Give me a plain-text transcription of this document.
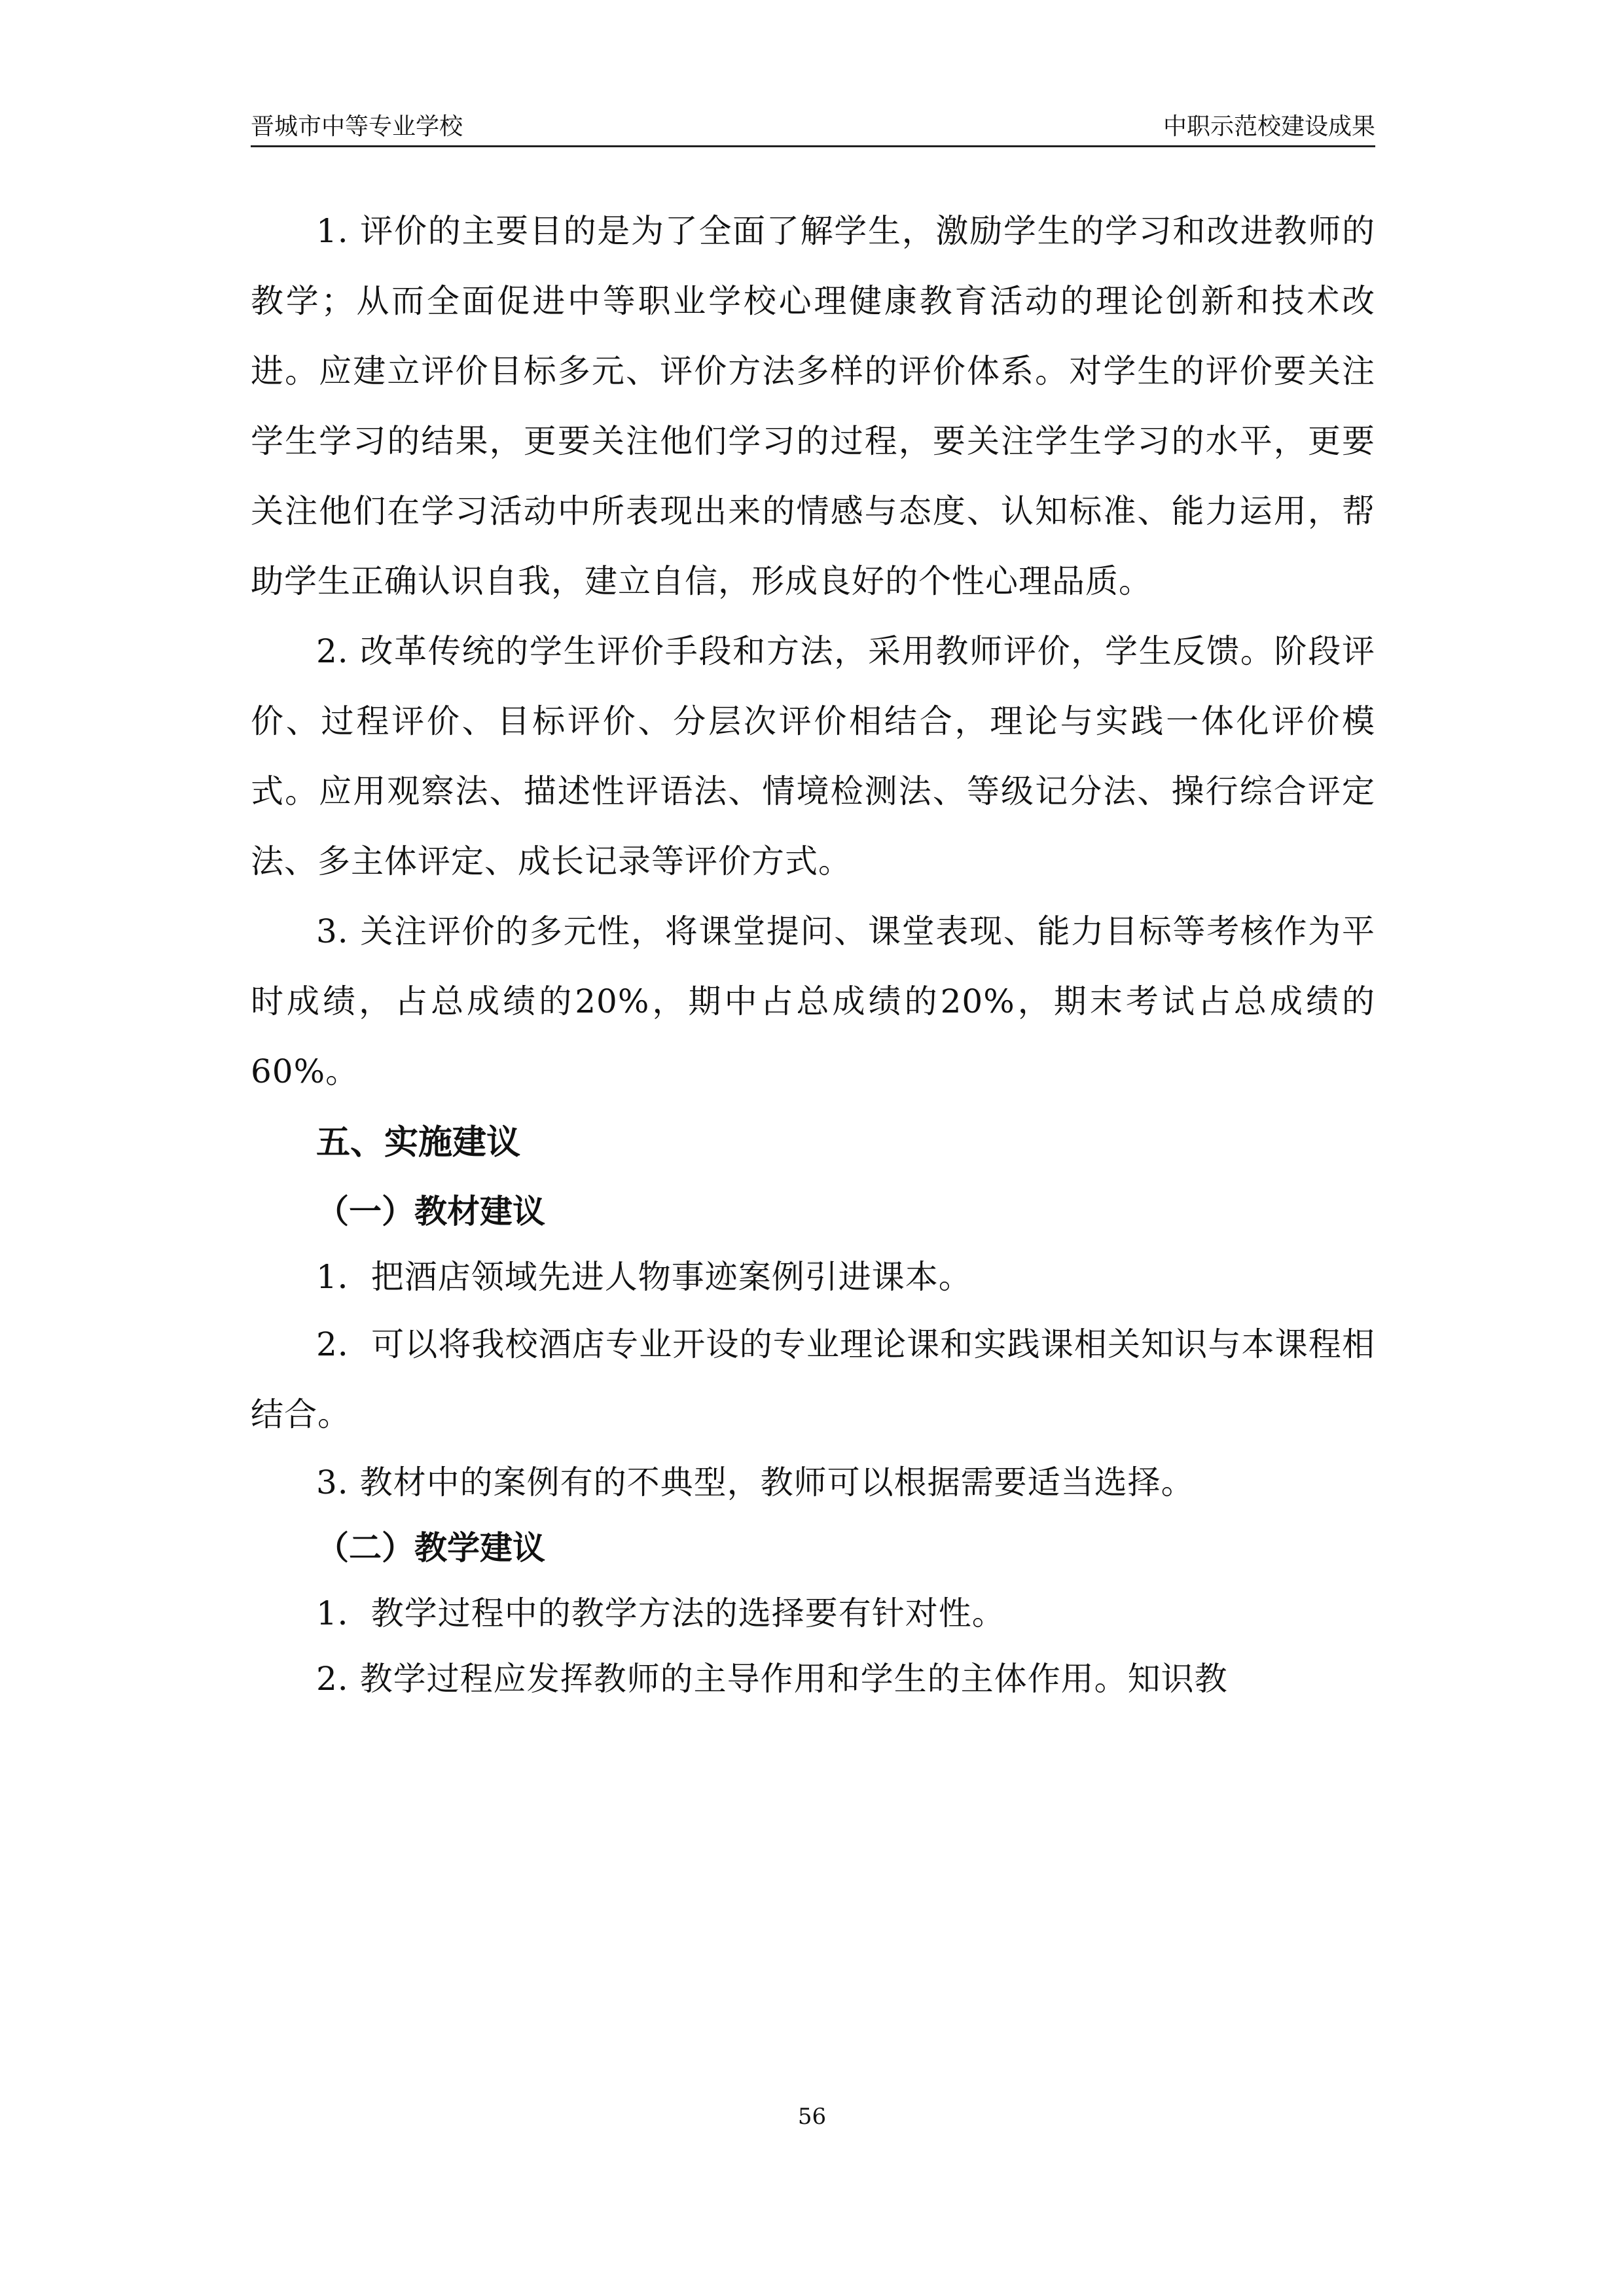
晋城市中等专业学校	中职示范校建设成果

1. 评价的主要目的是为了全面了解学生，激励学生的学习和改进教师的教学；从而全面促进中等职业学校心理健康教育活动的理论创新和技术改进。应建立评价目标多元、评价方法多样的评价体系。对学生的评价要关注学生学习的结果，更要关注他们学习的过程，要关注学生学习的水平，更要关注他们在学习活动中所表现出来的情感与态度、认知标准、能力运用，帮助学生正确认识自我，建立自信，形成良好的个性心理品质。

2. 改革传统的学生评价手段和方法，采用教师评价，学生反馈。阶段评价、过程评价、目标评价、分层次评价相结合，理论与实践一体化评价模式。应用观察法、描述性评语法、情境检测法、等级记分法、操行综合评定法、多主体评定、成长记录等评价方式。

3. 关注评价的多元性，将课堂提问、课堂表现、能力目标等考核作为平时成绩，占总成绩的20%，期中占总成绩的20%，期末考试占总成绩的60%。

五、实施建议
（一）教材建议

1．把酒店领域先进人物事迹案例引进课本。

2．可以将我校酒店专业开设的专业理论课和实践课相关知识与本课程相结合。

3. 教材中的案例有的不典型，教师可以根据需要适当选择。

（二）教学建议

1．教学过程中的教学方法的选择要有针对性。

2. 教学过程应发挥教师的主导作用和学生的主体作用。知识教

56
